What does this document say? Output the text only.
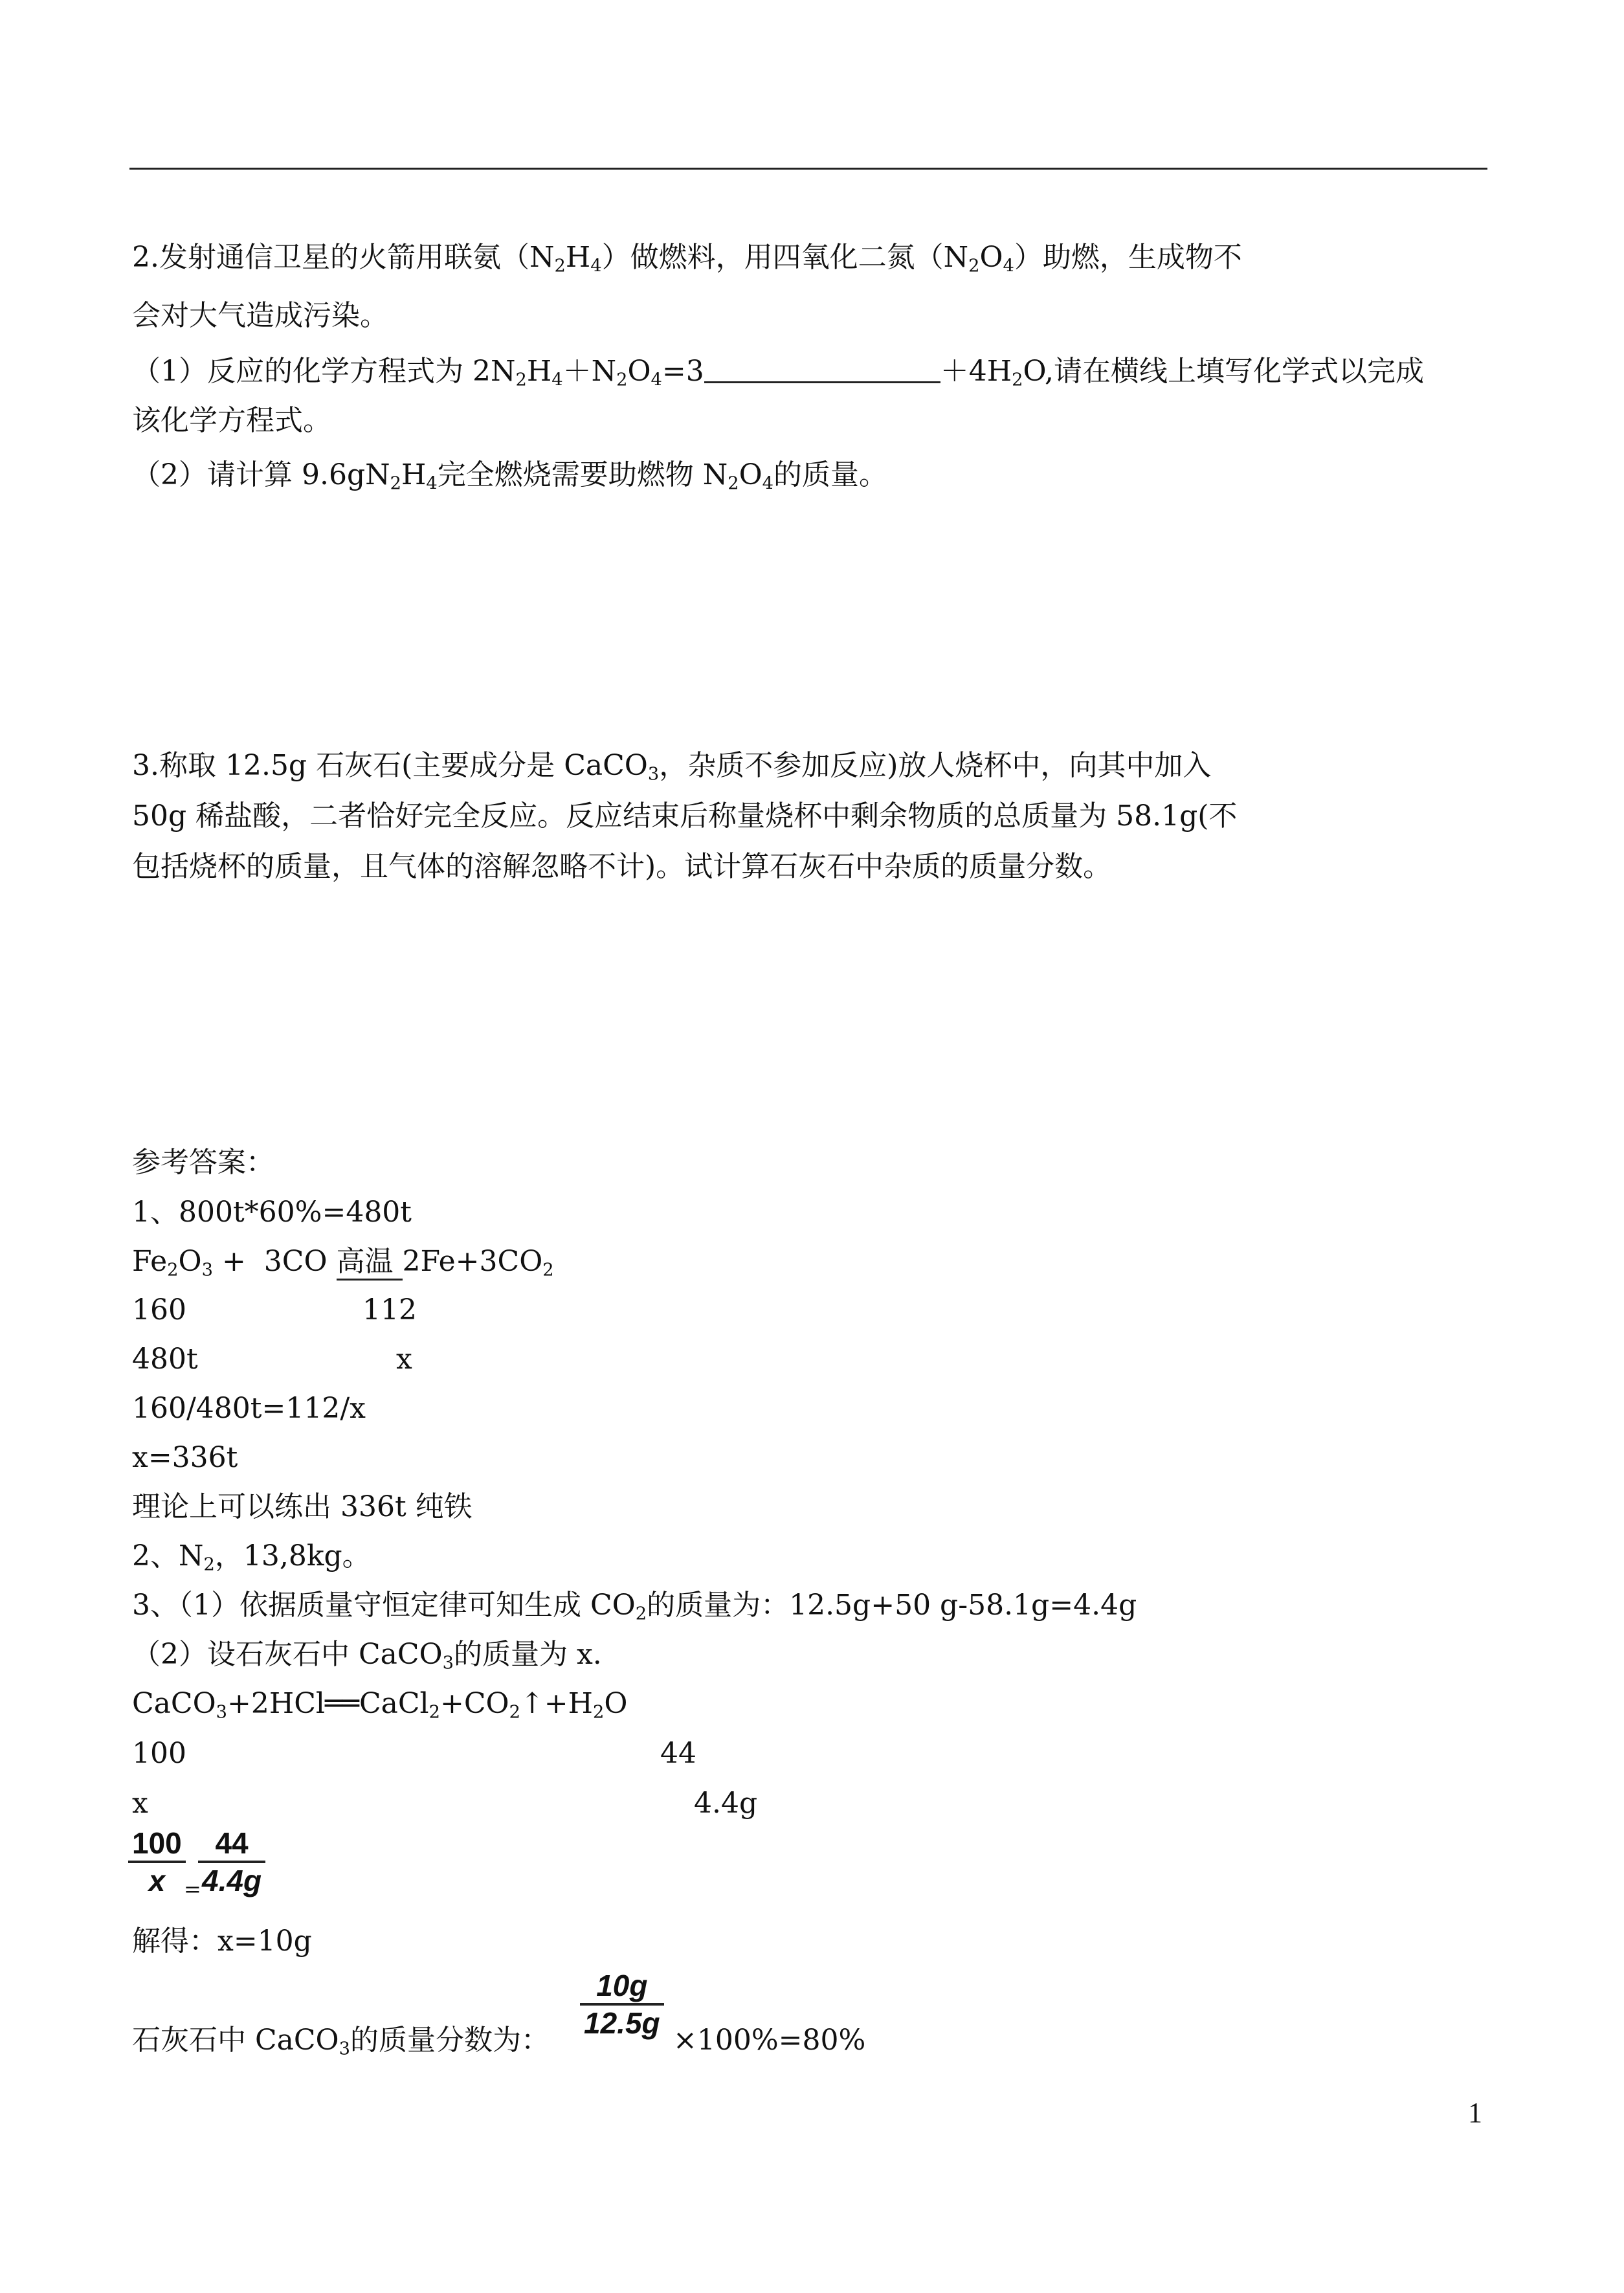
2.发射通信卫星的火箭用联氨$(N_2H_4)$做燃料，用四氧化二氮$(N_2O_4)$助燃，生成物不
会对大气造成污染。
（1）反应的化学方程式为 $2N_2H_4+N_2O_4=3$	$+4H_2O$,请在横线上填写化学式以完成
该化学方程式。
（2）请计算 $9.6gN_2H_4$完全燃烧需要助燃物 $N_2O_4$的质量。
3.称取 12.5g 石灰石(主要成分是 CaCO$_3$，杂质不参加反应)放人烧杯中，向其中加入
50g 稀盐酸，二者恰好完全反应。反应结束后称量烧杯中剩余物质的总质量为 58.1g(不
包括烧杯的质量，且气体的溶解忽略不计)。试计算石灰石中杂质的质量分数。
参考答案：
1、800t*60%=480t
$Fe_2O_3 + 3CO$ 高温 $2Fe+3CO_2$
160	112
480t	x
160/480t=112/x
x=336t
理论上可以练出 336t 纯铁
2、$N_2$，13,8kg。
3、（1）依据质量守恒定律可知生成 $CO_2$的质量为：12.5g+50 g-58.1g=4.4g
（2）设石灰石中 CaCO$_3$的质量为 x.
$CaCO_3+2HCl══CaCl_2+CO_2↑+H_2O$
100	44
x	4.4g
100
x =
44
4.4g
解得：x=10g
10g
12.5g
石灰石中 CaCO$_3$的质量分数为：	×100%=80%
1
